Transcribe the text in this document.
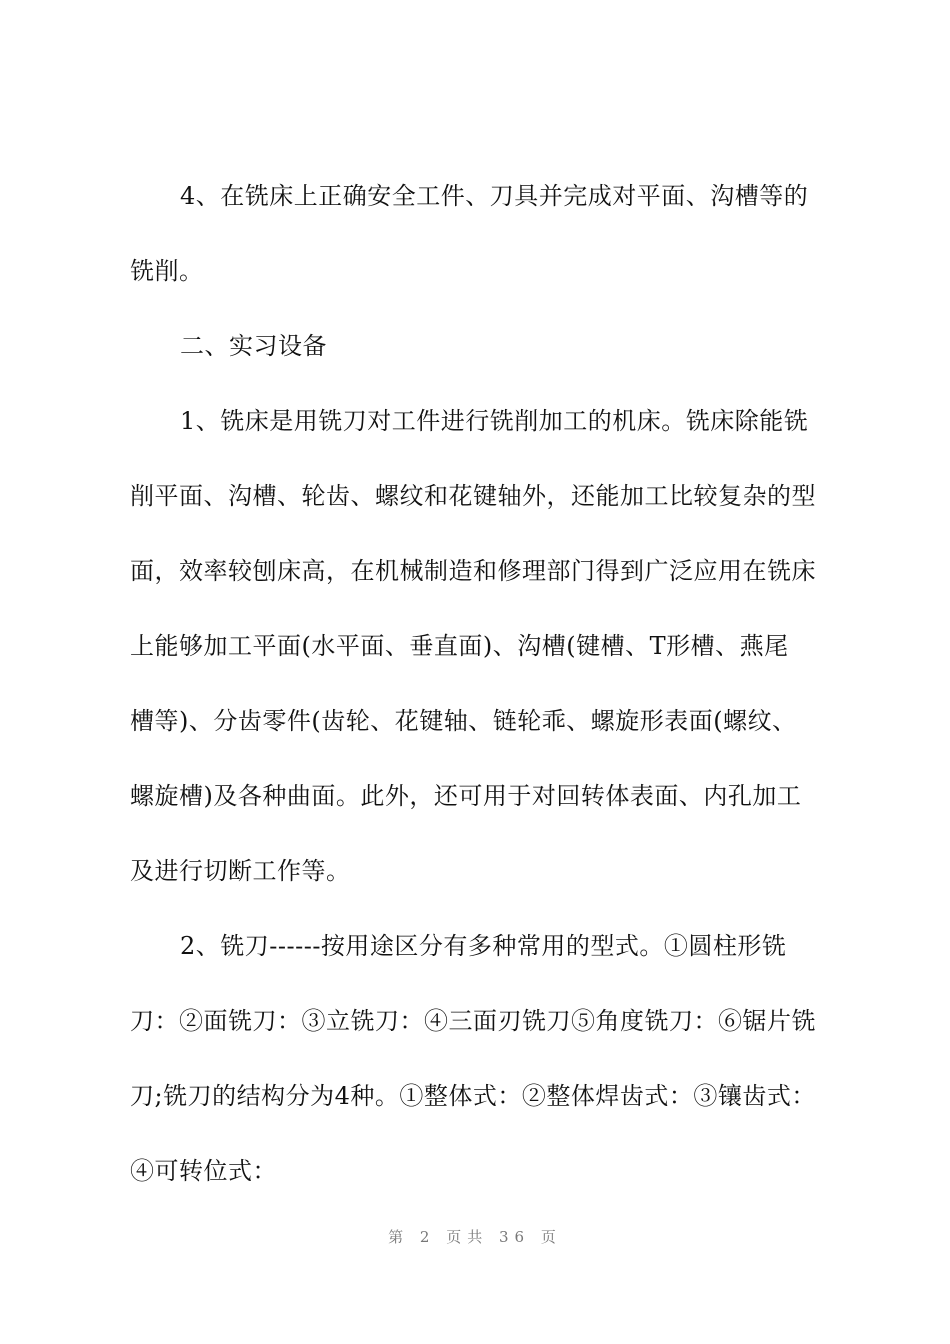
4、在铣床上正确安全工件、刀具并完成对平面、沟槽等的
铣削。
二、实习设备
1、铣床是用铣刀对工件进行铣削加工的机床。铣床除能铣
削平面、沟槽、轮齿、螺纹和花键轴外，还能加工比较复杂的型
面，效率较刨床高，在机械制造和修理部门得到广泛应用在铣床
上能够加工平面(水平面、垂直面)、沟槽(键槽、T形槽、燕尾
槽等)、分齿零件(齿轮、花键轴、链轮乖、螺旋形表面(螺纹、
螺旋槽)及各种曲面。此外，还可用于对回转体表面、内孔加工
及进行切断工作等。
2、铣刀------按用途区分有多种常用的型式。①圆柱形铣
刀：②面铣刀：③立铣刀：④三面刃铣刀⑤角度铣刀：⑥锯片铣
刀;铣刀的结构分为4种。①整体式：②整体焊齿式：③镶齿式：
④可转位式：
第 2 页共 36 页
